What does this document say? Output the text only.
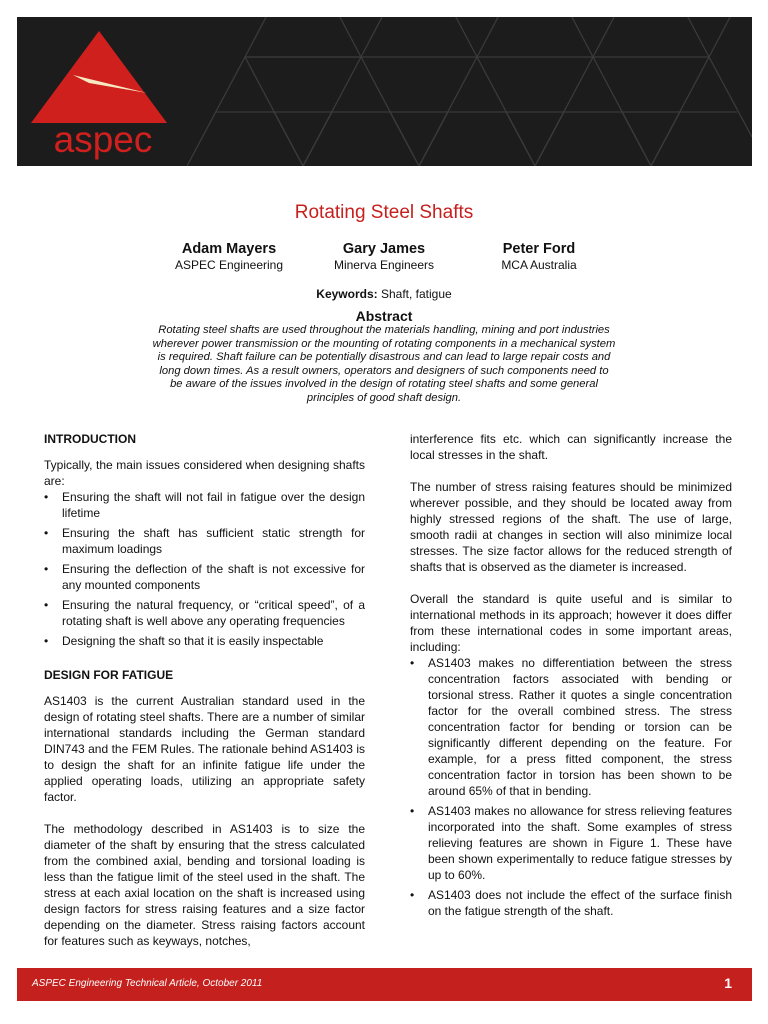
aspec
Rotating Steel Shafts
Adam Mayers
ASPEC Engineering
Gary James
Minerva Engineers
Peter Ford
MCA Australia
Keywords: Shaft, fatigue
Abstract
Rotating steel shafts are used throughout the materials handling, mining and port industries wherever power transmission or the mounting of rotating components in a mechanical system is required. Shaft failure can be potentially disastrous and can lead to large repair costs and long down times. As a result owners, operators and designers of such components need to be aware of the issues involved in the design of rotating steel shafts and some general principles of good shaft design.
INTRODUCTION

Typically, the main issues considered when designing shafts are:

• Ensuring the shaft will not fail in fatigue over the design lifetime
• Ensuring the shaft has sufficient static strength for maximum loadings
• Ensuring the deflection of the shaft is not excessive for any mounted components
• Ensuring the natural frequency, or “critical speed”, of a rotating shaft is well above any operating frequencies
• Designing the shaft so that it is easily inspectable
DESIGN FOR FATIGUE

AS1403 is the current Australian standard used in the design of rotating steel shafts. There are a number of similar international standards including the German standard DIN743 and the FEM Rules. The rationale behind AS1403 is to design the shaft for an infinite fatigue life under the applied operating loads, utilizing an appropriate safety factor.

The methodology described in AS1403 is to size the diameter of the shaft by ensuring that the stress calculated from the combined axial, bending and torsional loading is less than the fatigue limit of the steel used in the shaft. The stress at each axial location on the shaft is increased using design factors for stress raising features and a size factor depending on the diameter. Stress raising factors account for features such as keyways, notches,

interference fits etc. which can significantly increase the local stresses in the shaft.

The number of stress raising features should be minimized wherever possible, and they should be located away from highly stressed regions of the shaft. The use of large, smooth radii at changes in section will also minimize local stresses. The size factor allows for the reduced strength of shafts that is observed as the diameter is increased.

Overall the standard is quite useful and is similar to international methods in its approach; however it does differ from these international codes in some important areas, including:

• AS1403 makes no differentiation between the stress concentration factors associated with bending or torsional stress. Rather it quotes a single concentration factor for the overall combined stress. The stress concentration factor for bending or torsion can be significantly different depending on the feature. For example, for a press fitted component, the stress concentration factor in torsion has been shown to be around 65% of that in bending.
• AS1403 makes no allowance for stress relieving features incorporated into the shaft. Some examples of stress relieving features are shown in Figure 1. These have been shown experimentally to reduce fatigue stresses by up to 60%.
• AS1403 does not include the effect of the surface finish on the fatigue strength of the shaft.
ASPEC Engineering Technical Article, October 2011	1
